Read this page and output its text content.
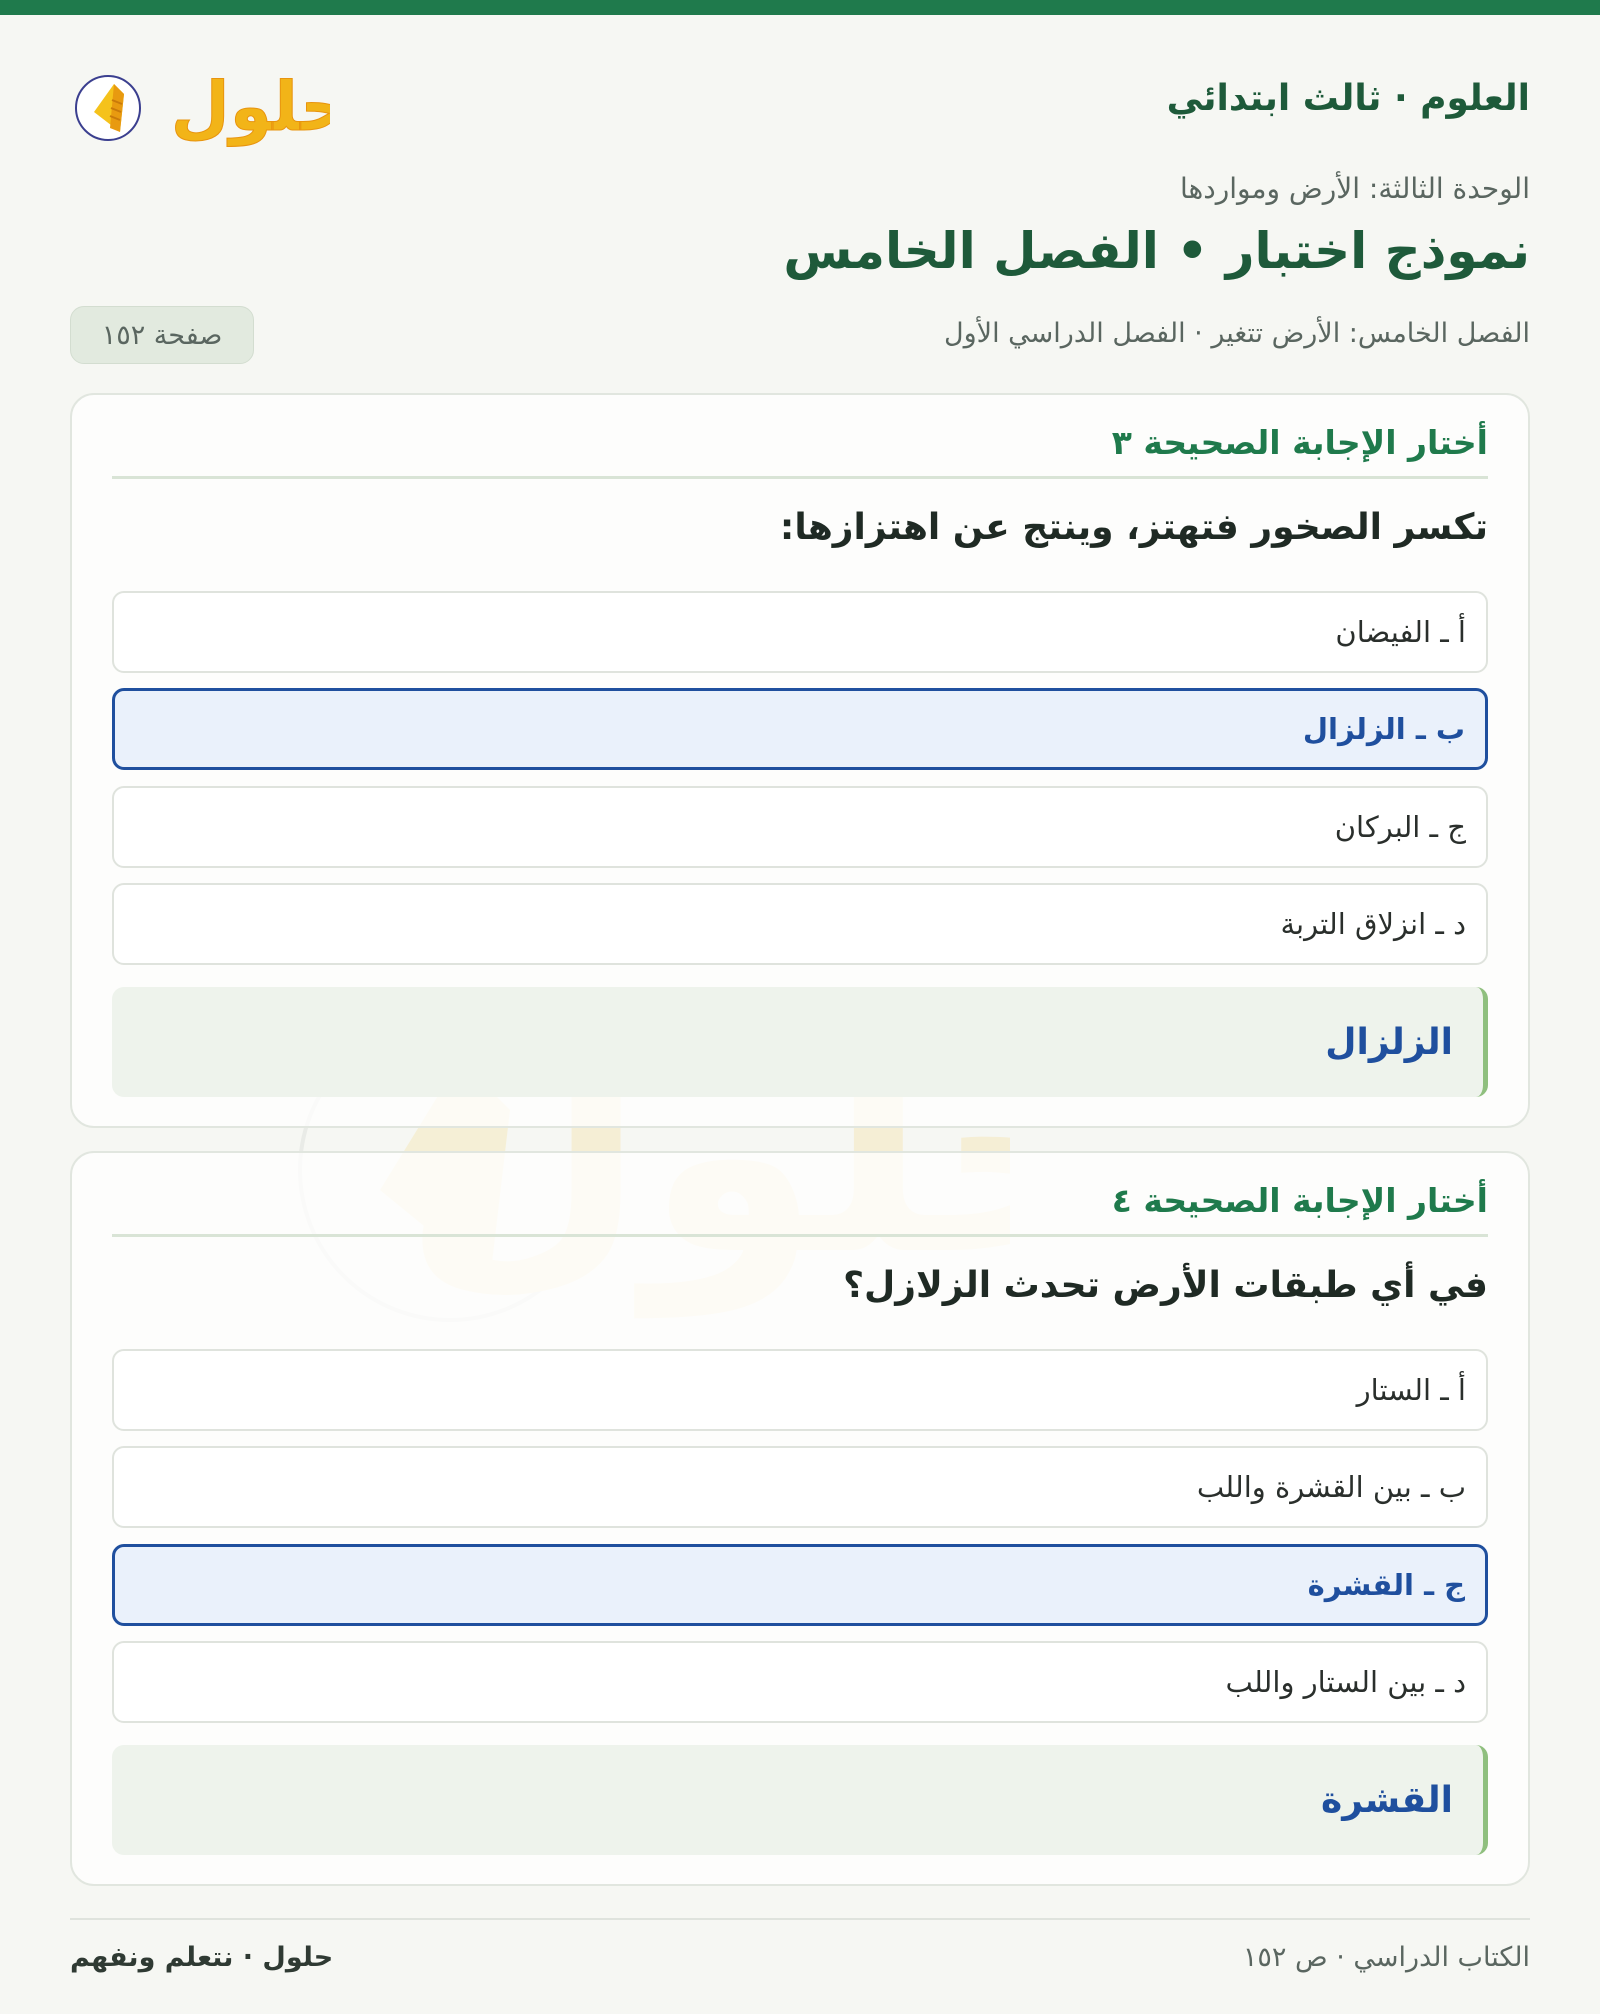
العلوم · ثالث ابتدائي
حلول
الوحدة الثالثة: الأرض ومواردها
نموذج اختبار • الفصل الخامس
الفصل الخامس: الأرض تتغير · الفصل الدراسي الأول
صفحة ١٥٢
أختار الإجابة الصحيحة ٣
تكسر الصخور فتهتز، وينتج عن اهتزازها:
أ ـ الفيضان
ب ـ الزلزال
ج ـ البركان
د ـ انزلاق التربة
الزلزال
أختار الإجابة الصحيحة ٤
في أي طبقات الأرض تحدث الزلازل؟
أ ـ الستار
ب ـ بين القشرة واللب
ج ـ القشرة
د ـ بين الستار واللب
القشرة
الكتاب الدراسي · ص ١٥٢
حلول · نتعلم ونفهم
